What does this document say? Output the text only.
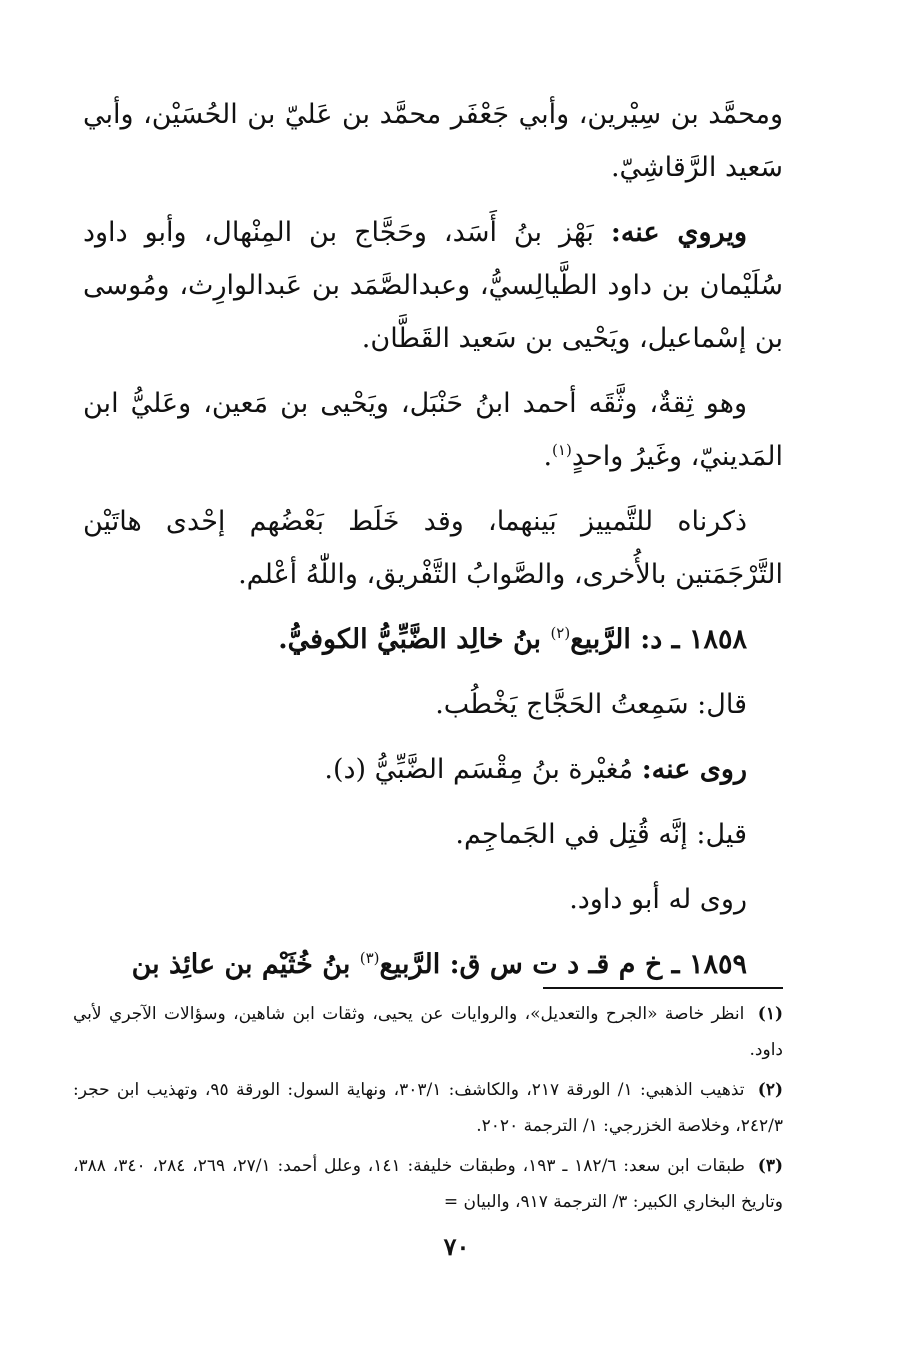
ومحمَّد بن سِيْرين، وأبي جَعْفَر محمَّد بن عَليّ بن الحُسَيْن، وأبي سَعيد الرَّقاشِيّ.

ويروي عنه: بَهْز بنُ أَسَد، وحَجَّاج بن المِنْهال، وأبو داود سُلَيْمان بن داود الطَّيالِسيُّ، وعبدالصَّمَد بن عَبدالوارِث، ومُوسى بن إسْماعيل، ويَحْيى بن سَعيد القَطَّان.

وهو ثِقةٌ، وثَّقَه أحمد ابنُ حَنْبَل، ويَحْيى بن مَعين، وعَليُّ ابن المَدينيّ، وغَيرُ واحدٍ$^{(١)}$.

ذكرناه للتَّمييز بَينهما، وقد خَلَط بَعْضُهم إحْدى هاتَيْن التَّرْجَمَتين بالأُخرى، والصَّوابُ التَّفْريق، واللّٰهُ أعْلم.

١٨٥٨ ـ د: الرَّبيع$^{(٢)}$ بنُ خالِد الضَّبِّيُّ الكوفيُّ.

قال: سَمِعتُ الحَجَّاج يَخْطُب.

روى عنه: مُغيْرة بنُ مِقْسَم الضَّبِّيُّ (د).

قيل: إنَّه قُتِل في الجَماجِم.

روى له أبو داود.

١٨٥٩ ـ خ م قـ د ت س ق: الرَّبيع$^{(٣)}$ بنُ خُثَيْم بن عائِذ بن

(١) انظر خاصة «الجرح والتعديل»، والروايات عن يحيى، وثقات ابن شاهين، وسؤالات الآجري لأبي داود.
(٢) تذهيب الذهبي: ١/ الورقة ٢١٧، والكاشف: ٣٠٣/١، ونهاية السول: الورقة ٩٥، وتهذيب ابن حجر: ٢٤٢/٣، وخلاصة الخزرجي: ١/ الترجمة ٢٠٢٠.
(٣) طبقات ابن سعد: ١٨٢/٦ ـ ١٩٣، وطبقات خليفة: ١٤١، وعلل أحمد: ٢٧/١، ٢٦٩، ٢٨٤، ٣٤٠، ٣٨٨، وتاريخ البخاري الكبير: ٣/ الترجمة ٩١٧، والبيان =
٧٠
